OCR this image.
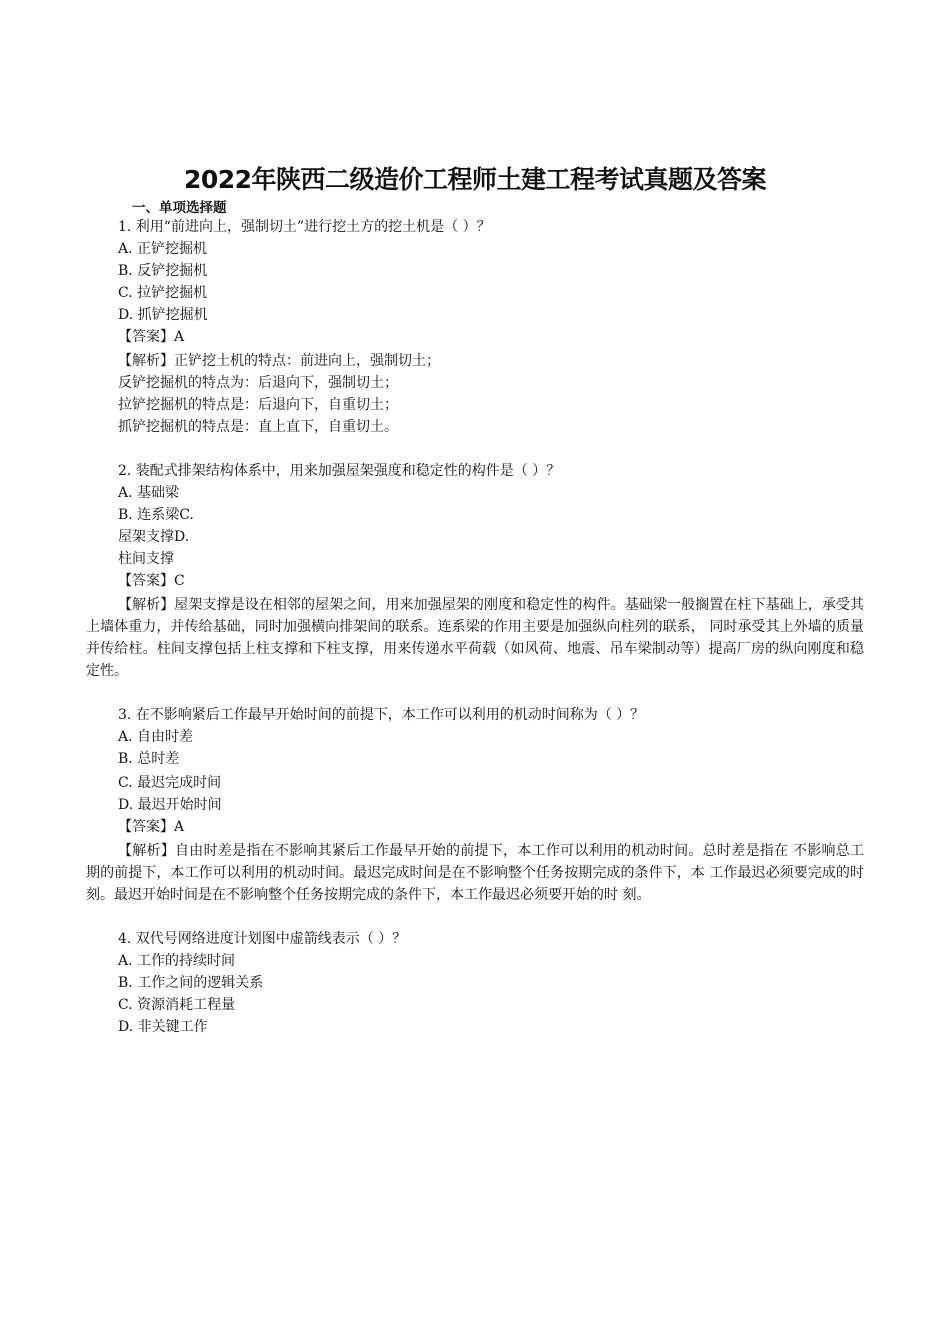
2022年陕西二级造价工程师土建工程考试真题及答案
一、单项选择题
1. 利用“前进向上，强制切土”进行挖土方的挖土机是（ ）？
A. 正铲挖掘机
B. 反铲挖掘机
C. 拉铲挖掘机
D. 抓铲挖掘机
【答案】A
【解析】正铲挖土机的特点：前进向上，强制切土；
反铲挖掘机的特点为：后退向下，强制切土；
拉铲挖掘机的特点是：后退向下，自重切土；
抓铲挖掘机的特点是：直上直下，自重切土。
2. 装配式排架结构体系中，用来加强屋架强度和稳定性的构件是（ ）？
A. 基础梁
B. 连系梁C.
屋架支撑D.
柱间支撑
【答案】C
【解析】屋架支撑是设在相邻的屋架之间，用来加强屋架的刚度和稳定性的构件。基础梁一般搁置在柱下基础上，承受其上墙体重力，并传给基础，同时加强横向排架间的联系。连系梁的作用主要是加强纵向柱列的联系， 同时承受其上外墙的质量并传给柱。柱间支撑包括上柱支撑和下柱支撑，用来传递水平荷载（如风荷、地震、吊车梁制动等）提高厂房的纵向刚度和稳定性。
3. 在不影响紧后工作最早开始时间的前提下，本工作可以利用的机动时间称为（ ）？
A. 自由时差
B. 总时差
C. 最迟完成时间
D. 最迟开始时间
【答案】A
【解析】自由时差是指在不影响其紧后工作最早开始的前提下，本工作可以利用的机动时间。总时差是指在 不影响总工期的前提下，本工作可以利用的机动时间。最迟完成时间是在不影响整个任务按期完成的条件下，本 工作最迟必须要完成的时刻。最迟开始时间是在不影响整个任务按期完成的条件下，本工作最迟必须要开始的时 刻。
4. 双代号网络进度计划图中虚箭线表示（ ）？
A. 工作的持续时间
B. 工作之间的逻辑关系
C. 资源消耗工程量
D. 非关键工作
